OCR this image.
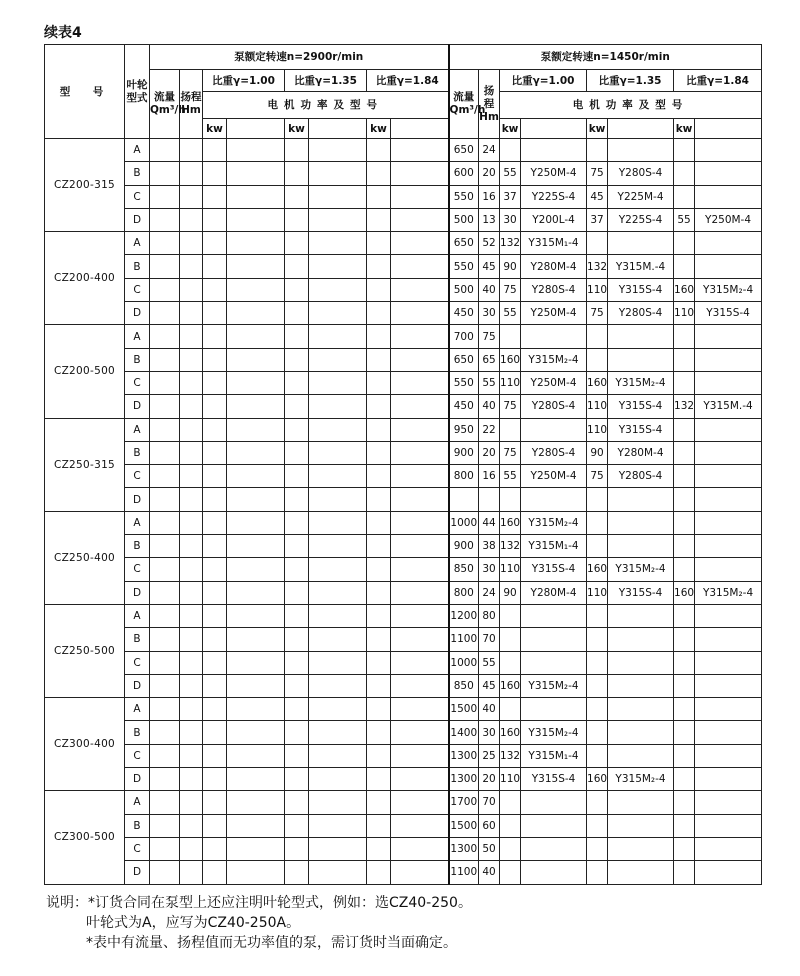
续表4
型　号	叶轮型式	泵额定转速n=2900r/min								泵额定转速n=1450r/min							
		流量Qm³/h	扬程Hm	比重γ=1.00		比重γ=1.35		比重γ=1.84		流量Qm³/h	扬程Hm	比重γ=1.00		比重γ=1.35		比重γ=1.84	
				电机功率及型号								电机功率及型号					
				kw		kw		kw				kw		kw		kw	
CZ200-315	A									650	24						
	B									600	20	55	Y250M-4	75	Y280S-4		
	C									550	16	37	Y225S-4	45	Y225M-4		
	D									500	13	30	Y200L-4	37	Y225S-4	55	Y250M-4
CZ200-400	A									650	52	132	Y315M₁-4				
	B									550	45	90	Y280M-4	132	Y315M.-4		
	C									500	40	75	Y280S-4	110	Y315S-4	160	Y315M₂-4
	D									450	30	55	Y250M-4	75	Y280S-4	110	Y315S-4
CZ200-500	A									700	75						
	B									650	65	160	Y315M₂-4				
	C									550	55	110	Y250M-4	160	Y315M₂-4		
	D									450	40	75	Y280S-4	110	Y315S-4	132	Y315M.-4
CZ250-315	A									950	22			110	Y315S-4		
	B									900	20	75	Y280S-4	90	Y280M-4		
	C									800	16	55	Y250M-4	75	Y280S-4		
	D																
CZ250-400	A									1000	44	160	Y315M₂-4				
	B									900	38	132	Y315M₁-4				
	C									850	30	110	Y315S-4	160	Y315M₂-4		
	D									800	24	90	Y280M-4	110	Y315S-4	160	Y315M₂-4
CZ250-500	A									1200	80						
	B									1100	70						
	C									1000	55						
	D									850	45	160	Y315M₂-4				
CZ300-400	A									1500	40						
	B									1400	30	160	Y315M₂-4				
	C									1300	25	132	Y315M₁-4				
	D									1300	20	110	Y315S-4	160	Y315M₂-4		
CZ300-500	A									1700	70						
	B									1500	60						
	C									1300	50						
	D									1100	40						
说明：*订货合同在泵型上还应注明叶轮型式，例如：选CZ40-250。
叶轮式为A，应写为CZ40-250A。
*表中有流量、扬程值而无功率值的泵，需订货时当面确定。
